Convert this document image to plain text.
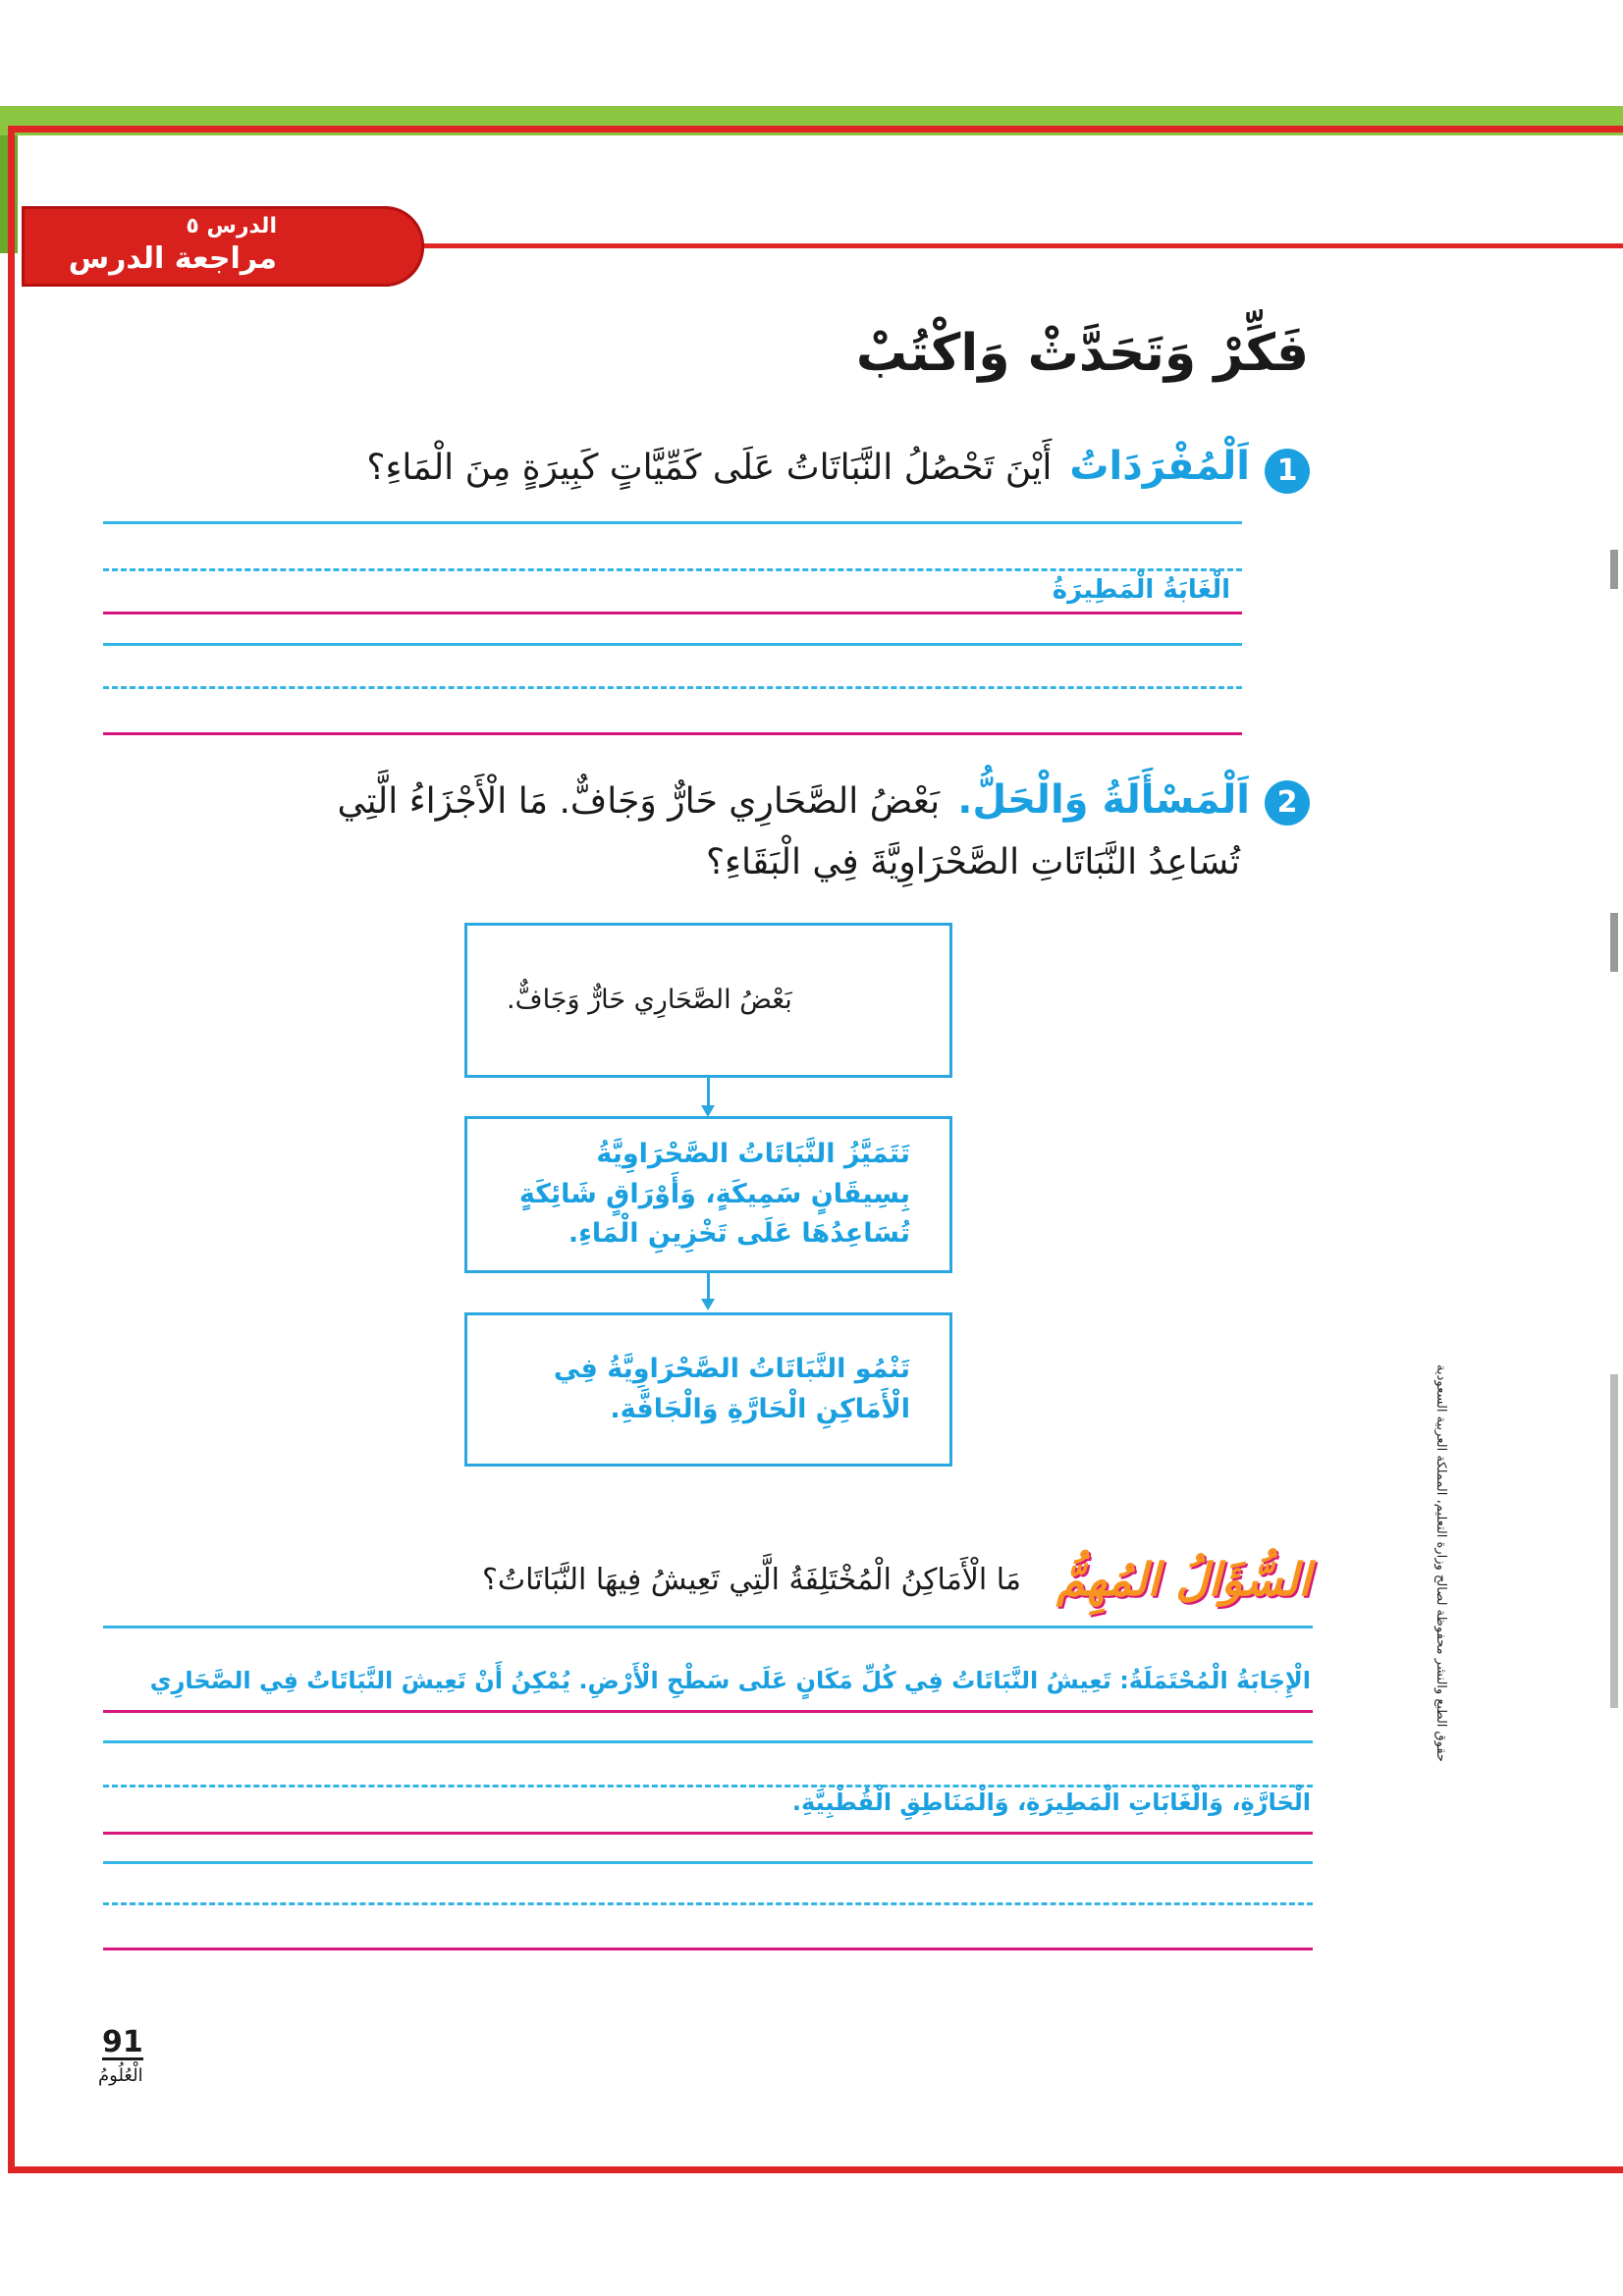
الدرس ٥
مراجعة الدرس
فَكِّرْ وَتَحَدَّثْ وَاكْتُبْ
1
اَلْمُفْرَدَاتُ
أَيْنَ تَحْصُلُ النَّبَاتَاتُ عَلَى كَمِّيَّاتٍ كَبِيرَةٍ مِنَ الْمَاءِ؟
الْغَابَةُ الْمَطِيرَةُ
2
اَلْمَسْأَلَةُ وَالْحَلُّ.
بَعْضُ الصَّحَارِي حَارٌّ وَجَافٌّ. مَا الْأَجْزَاءُ الَّتِي
تُسَاعِدُ النَّبَاتَاتِ الصَّحْرَاوِيَّةَ فِي الْبَقَاءِ؟
بَعْضُ الصَّحَارِي حَارٌّ وَجَافٌّ.
تَتَمَيَّزُ النَّبَاتَاتُ الصَّحْرَاوِيَّةُ بِسِيقَانٍ سَمِيكَةٍ، وَأَوْرَاقٍ شَائِكَةٍ تُسَاعِدُهَا عَلَى تَخْزِينِ الْمَاءِ.
تَنْمُو النَّبَاتَاتُ الصَّحْرَاوِيَّةُ فِي الْأَمَاكِنِ الْحَارَّةِ وَالْجَافَّةِ.
السُّؤَالُ المُهِمُّ
مَا الْأَمَاكِنُ الْمُخْتَلِفَةُ الَّتِي تَعِيشُ فِيهَا النَّبَاتَاتُ؟
الْإِجَابَةُ الْمُحْتَمَلَةُ: تَعِيشُ النَّبَاتَاتُ فِي كُلِّ مَكَانٍ عَلَى سَطْحِ الْأَرْضِ. يُمْكِنُ أَنْ تَعِيشَ النَّبَاتَاتُ فِي الصَّحَارِي
الْحَارَّةِ، وَالْغَابَاتِ الْمَطِيرَةِ، وَالْمَنَاطِقِ الْقُطْبِيَّةِ.
حقوق الطبع والنشر محفوظة لصالح وزارة التعليم، المملكة العربية السعودية
91
الْعُلُومُ
